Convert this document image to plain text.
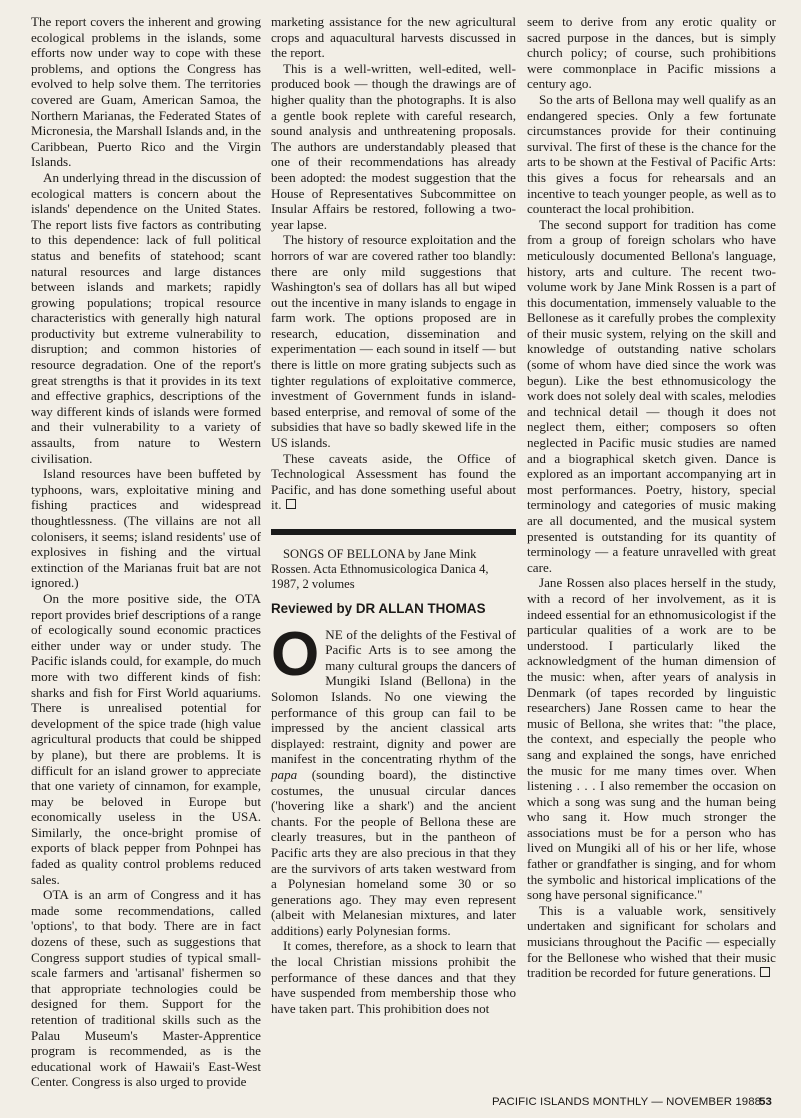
The report covers the inherent and growing ecological problems in the islands, some efforts now under way to cope with these problems, and options the Congress has evolved to help solve them. The territories covered are Guam, American Samoa, the Northern Marianas, the Federated States of Micronesia, the Marshall Islands and, in the Caribbean, Puerto Rico and the Virgin Islands.

An underlying thread in the discussion of ecological matters is concern about the islands' dependence on the United States. The report lists five factors as contributing to this dependence: lack of full political status and benefits of statehood; scant natural resources and large distances between islands and markets; rapidly growing populations; tropical resource characteristics with generally high natural productivity but extreme vulnerability to disruption; and common histories of resource degradation. One of the report's great strengths is that it provides in its text and effective graphics, descriptions of the way different kinds of islands were formed and their vulnerability to a variety of assaults, from nature to Western civilisation.

Island resources have been buffeted by typhoons, wars, exploitative mining and fishing practices and widespread thoughtlessness. (The villains are not all colonisers, it seems; island residents' use of explosives in fishing and the virtual extinction of the Marianas fruit bat are not ignored.)

On the more positive side, the OTA report provides brief descriptions of a range of ecologically sound economic practices either under way or under study. The Pacific islands could, for example, do much more with two different kinds of fish: sharks and fish for First World aquariums. There is unrealised potential for development of the spice trade (high value agricultural products that could be shipped by plane), but there are problems. It is difficult for an island grower to appreciate that one variety of cinnamon, for example, may be beloved in Europe but economically useless in the USA. Similarly, the once-bright promise of exports of black pepper from Pohnpei has faded as quality control problems reduced sales.

OTA is an arm of Congress and it has made some recommendations, called 'options', to that body. There are in fact dozens of these, such as suggestions that Congress support studies of typical small-scale farmers and 'artisanal' fishermen so that appropriate technologies could be designed for them. Support for the retention of traditional skills such as the Palau Museum's Master-Apprentice program is recommended, as is the educational work of Hawaii's East-West Center. Congress is also urged to provide

marketing assistance for the new agricultural crops and aquacultural harvests discussed in the report.

This is a well-written, well-edited, well-produced book — though the drawings are of higher quality than the photographs. It is also a gentle book replete with careful research, sound analysis and unthreatening proposals. The authors are understandably pleased that one of their recommendations has already been adopted: the modest suggestion that the House of Representatives Subcommittee on Insular Affairs be restored, following a two-year lapse.

The history of resource exploitation and the horrors of war are covered rather too blandly: there are only mild suggestions that Washington's sea of dollars has all but wiped out the incentive in many islands to engage in farm work. The options proposed are in research, education, dissemination and experimentation — each sound in itself — but there is little on more grating subjects such as tighter regulations of exploitative commerce, investment of Government funds in island-based enterprise, and removal of some of the subsidies that have so badly skewed life in the US islands.

These caveats aside, the Office of Technological Assessment has found the Pacific, and has done something useful about it.

SONGS OF BELLONA by Jane Mink Rossen. Acta Ethnomusicologica Danica 4, 1987, 2 volumes

Reviewed by DR ALLAN THOMAS

ONE of the delights of the Festival of Pacific Arts is to see among the many cultural groups the dancers of Mungiki Island (Bellona) in the Solomon Islands. No one viewing the performance of this group can fail to be impressed by the ancient classical arts displayed: restraint, dignity and power are manifest in the concentrating rhythm of the papa (sounding board), the distinctive costumes, the unusual circular dances ('hovering like a shark') and the ancient chants. For the people of Bellona these are clearly treasures, but in the pantheon of Pacific arts they are also precious in that they are the survivors of arts taken westward from a Polynesian homeland some 30 or so generations ago. They may even represent (albeit with Melanesian mixtures, and later additions) early Polynesian forms.

It comes, therefore, as a shock to learn that the local Christian missions prohibit the performance of these dances and that they have suspended from membership those who have taken part. This prohibition does not

seem to derive from any erotic quality or sacred purpose in the dances, but is simply church policy; of course, such prohibitions were commonplace in Pacific missions a century ago.

So the arts of Bellona may well qualify as an endangered species. Only a few fortunate circumstances provide for their continuing survival. The first of these is the chance for the arts to be shown at the Festival of Pacific Arts: this gives a focus for rehearsals and an incentive to teach younger people, as well as to counteract the local prohibition.

The second support for tradition has come from a group of foreign scholars who have meticulously documented Bellona's language, history, arts and culture. The recent two-volume work by Jane Mink Rossen is a part of this documentation, immensely valuable to the Bellonese as it carefully probes the complexity of their music system, relying on the skill and knowledge of outstanding native scholars (some of whom have died since the work was begun). Like the best ethnomusicology the work does not solely deal with scales, melodies and technical detail — though it does not neglect them, either; composers so often neglected in Pacific music studies are named and a biographical sketch given. Dance is explored as an important accompanying art in most performances. Poetry, history, special terminology and categories of music making are all documented, and the musical system presented is outstanding for its quantity of terminology — a feature unravelled with great care.

Jane Rossen also places herself in the study, with a record of her involvement, as it is indeed essential for an ethnomusicologist if the particular qualities of a work are to be understood. I particularly liked the acknowledgment of the human dimension of the music: when, after years of analysis in Denmark (of tapes recorded by linguistic researchers) Jane Rossen came to hear the music of Bellona, she writes that: "the place, the context, and especially the people who sang and explained the songs, have enriched the music for me many times over. When listening . . . I also remember the occasion on which a song was sung and the human being who sang it. How much stronger the associations must be for a person who has lived on Mungiki all of his or her life, whose father or grandfather is singing, and for whom the symbolic and historical implications of the song have personal significance."

This is a valuable work, sensitively undertaken and significant for scholars and musicians throughout the Pacific — especially for the Bellonese who wished that their music tradition be recorded for future generations.

PACIFIC ISLANDS MONTHLY — NOVEMBER 1988
53
